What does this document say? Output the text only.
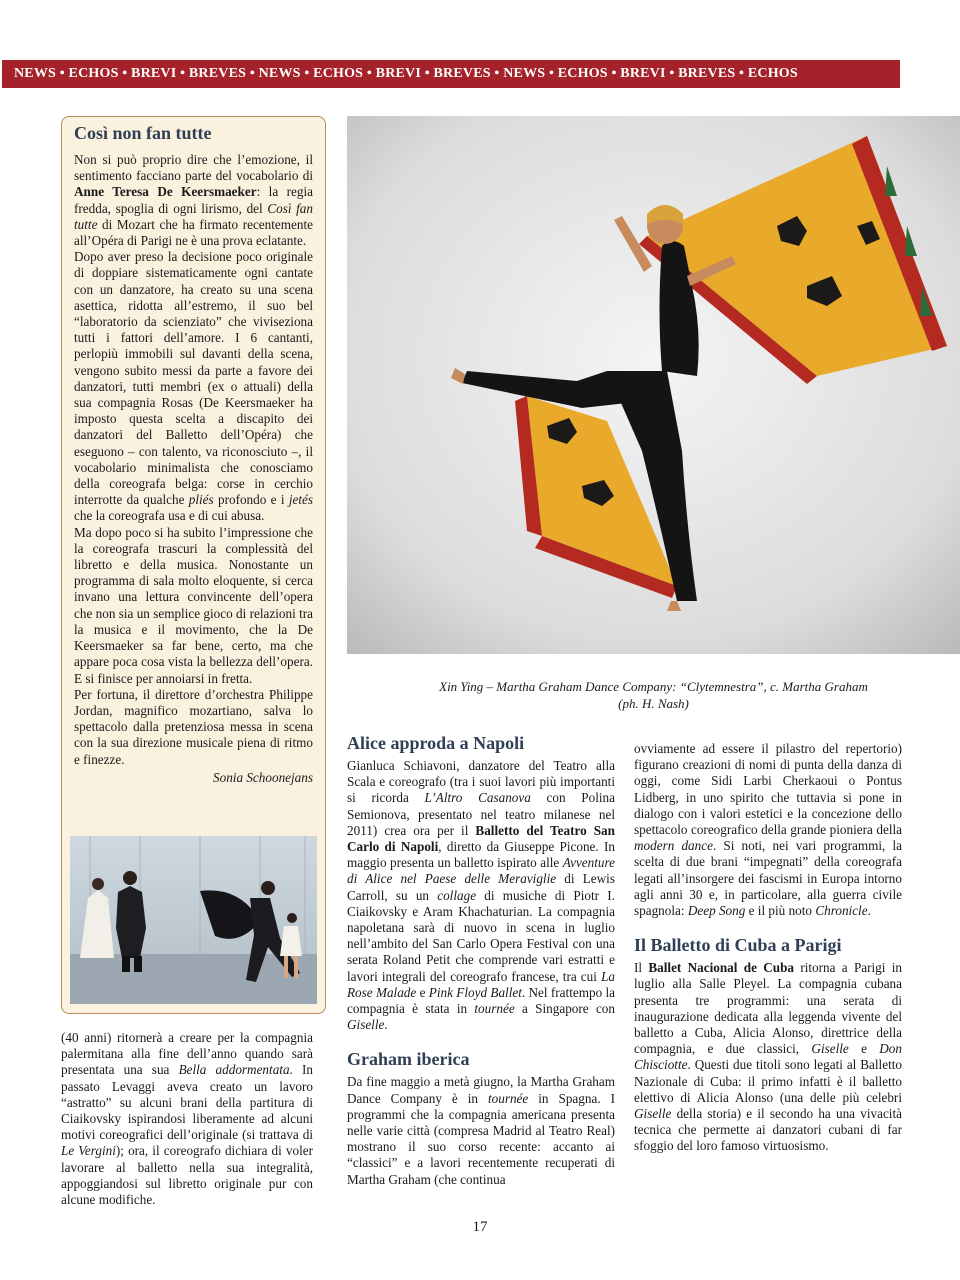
NEWS • ECHOS • BREVI • BREVES • NEWS • ECHOS • BREVI • BREVES • NEWS • ECHOS • BREVI • BREVES • ECHOS
Così non fan tutte

Non si può proprio dire che l’emozione, il sentimento facciano parte del vocabolario di Anne Teresa De Keersmaeker: la regia fredda, spoglia di ogni lirismo, del Così fan tutte di Mozart che ha firmato recentemente all’Opéra di Parigi ne è una prova eclatante.

Dopo aver preso la decisione poco originale di doppiare sistematicamente ogni cantate con un danzatore, ha creato su una scena asettica, ridotta all’estremo, il suo bel “laboratorio da scienziato” che viviseziona tutti i fattori dell’amore. I 6 cantanti, perlopiù immobili sul davanti della scena, vengono subito messi da parte a favore dei danzatori, tutti membri (ex o attuali) della sua compagnia Rosas (De Keersmaeker ha imposto questa scelta a discapito dei danzatori del Balletto dell’Opéra) che eseguono – con talento, va riconosciuto –, il vocabolario minimalista che conosciamo della coreografa belga: corse in cerchio interrotte da qualche pliés profondo e i jetés che la coreografa usa e di cui abusa.

Ma dopo poco si ha subito l’impressione che la coreografa trascuri la complessità del libretto e della musica. Nonostante un programma di sala molto eloquente, si cerca invano una lettura convincente dell’opera che non sia un semplice gioco di relazioni tra la musica e il movimento, che la De Keersmaeker sa far bene, certo, ma che appare poca cosa vista la bellezza dell’opera. E si finisce per annoiarsi in fretta.

Per fortuna, il direttore d’orchestra Philippe Jordan, magnifico mozartiano, salva lo spettacolo dalla pretenziosa messa in scena con la sua direzione musicale piena di ritmo e finezze.

Sonia Schoonejans

Xin Ying – Martha Graham Dance Company: “Clytemnestra”, c. Martha Graham
(ph. H. Nash)

(40 anni) ritornerà a creare per la compagnia palermitana alla fine dell’anno quando sarà presentata una sua Bella addormentata. In passato Levaggi aveva creato un lavoro “astratto” su alcuni brani della partitura di Ciaikovsky ispirandosi liberamente ad alcuni motivi coreografici dell’originale (si trattava di Le Vergini); ora, il coreografo dichiara di voler lavorare al balletto nella sua integralità, appoggiandosi sul libretto originale pur con alcune modifiche.

Alice approda a Napoli

Gianluca Schiavoni, danzatore del Teatro alla Scala e coreografo (tra i suoi lavori più importanti si ricorda L’Altro Casanova con Polina Semionova, presentato nel teatro milanese nel 2011) crea ora per il Balletto del Teatro San Carlo di Napoli, diretto da Giuseppe Picone. In maggio presenta un balletto ispirato alle Avventure di Alice nel Paese delle Meraviglie di Lewis Carroll, su un collage di musiche di Piotr I. Ciaikovsky e Aram Khachaturian. La compagnia napoletana sarà di nuovo in scena in luglio nell’ambito del San Carlo Opera Festival con una serata Roland Petit che comprende vari estratti e lavori integrali del coreografo francese, tra cui La Rose Malade e Pink Floyd Ballet. Nel frattempo la compagnia è stata in tournée a Singapore con Giselle.

Graham iberica

Da fine maggio a metà giugno, la Martha Graham Dance Company è in tournée in Spagna. I programmi che la compagnia americana presenta nelle varie città (compresa Madrid al Teatro Real) mostrano il suo corso recente: accanto ai “classici” e a lavori recentemente recuperati di Martha Graham (che continua

ovviamente ad essere il pilastro del repertorio) figurano creazioni di nomi di punta della danza di oggi, come Sidi Larbi Cherkaoui o Pontus Lidberg, in uno spirito che tuttavia si pone in dialogo con i valori estetici e la concezione dello spettacolo coreografico della grande pioniera della modern dance. Si noti, nei vari programmi, la scelta di due brani “impegnati” della coreografa legati all’insorgere dei fascismi in Europa intorno agli anni 30 e, in particolare, alla guerra civile spagnola: Deep Song e il più noto Chronicle.

Il Balletto di Cuba a Parigi

Il Ballet Nacional de Cuba ritorna a Parigi in luglio alla Salle Pleyel. La compagnia cubana presenta tre programmi: una serata di inaugurazione dedicata alla leggenda vivente del balletto a Cuba, Alicia Alonso, direttrice della compagnia, e due classici, Giselle e Don Chisciotte. Questi due titoli sono legati al Balletto Nazionale di Cuba: il primo infatti è il balletto elettivo di Alicia Alonso (una delle più celebri Giselle della storia) e il secondo ha una vivacità tecnica che permette ai danzatori cubani di far sfoggio del loro famoso virtuosismo.

17
